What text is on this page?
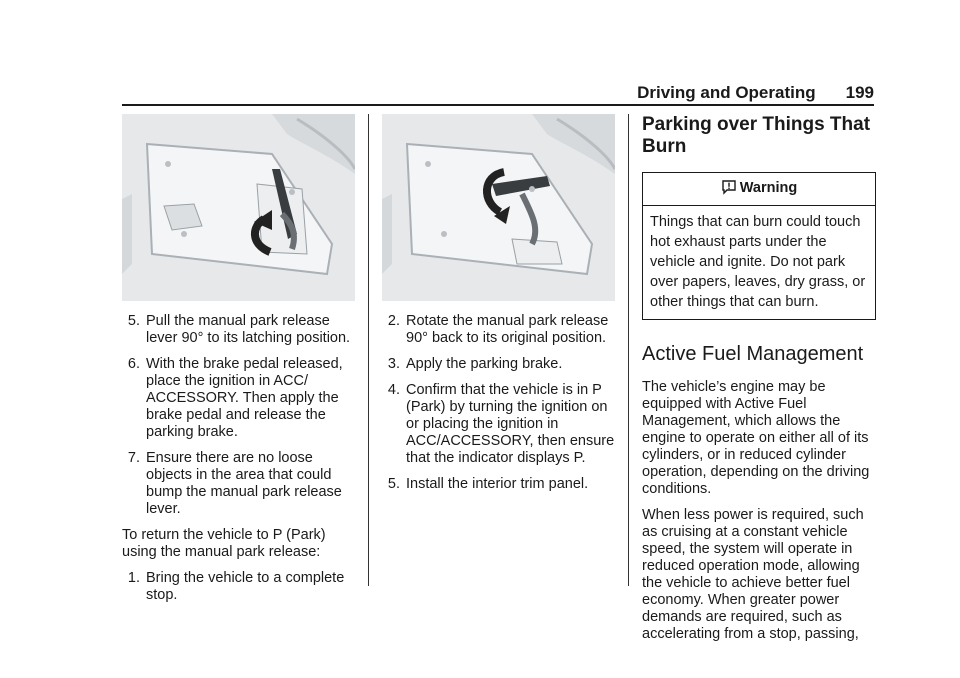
Driving and Operating 199
5. Pull the manual park release lever 90° to its latching position.
6. With the brake pedal released, place the ignition in ACC/ ACCESSORY. Then apply the brake pedal and release the parking brake.
7. Ensure there are no loose objects in the area that could bump the manual park release lever.

To return the vehicle to P (Park) using the manual park release:

1. Bring the vehicle to a complete stop.
2. Rotate the manual park release 90° back to its original position.
3. Apply the parking brake.
4. Confirm that the vehicle is in P (Park) by turning the ignition on or placing the ignition in ACC/ACCESSORY, then ensure that the indicator displays P.
5. Install the interior trim panel.
Parking over Things That Burn
Warning
Things that can burn could touch hot exhaust parts under the vehicle and ignite. Do not park over papers, leaves, dry grass, or other things that can burn.
Active Fuel Management

The vehicle’s engine may be equipped with Active Fuel Management, which allows the engine to operate on either all of its cylinders, or in reduced cylinder operation, depending on the driving conditions.

When less power is required, such as cruising at a constant vehicle speed, the system will operate in reduced operation mode, allowing the vehicle to achieve better fuel economy. When greater power demands are required, such as accelerating from a stop, passing,
